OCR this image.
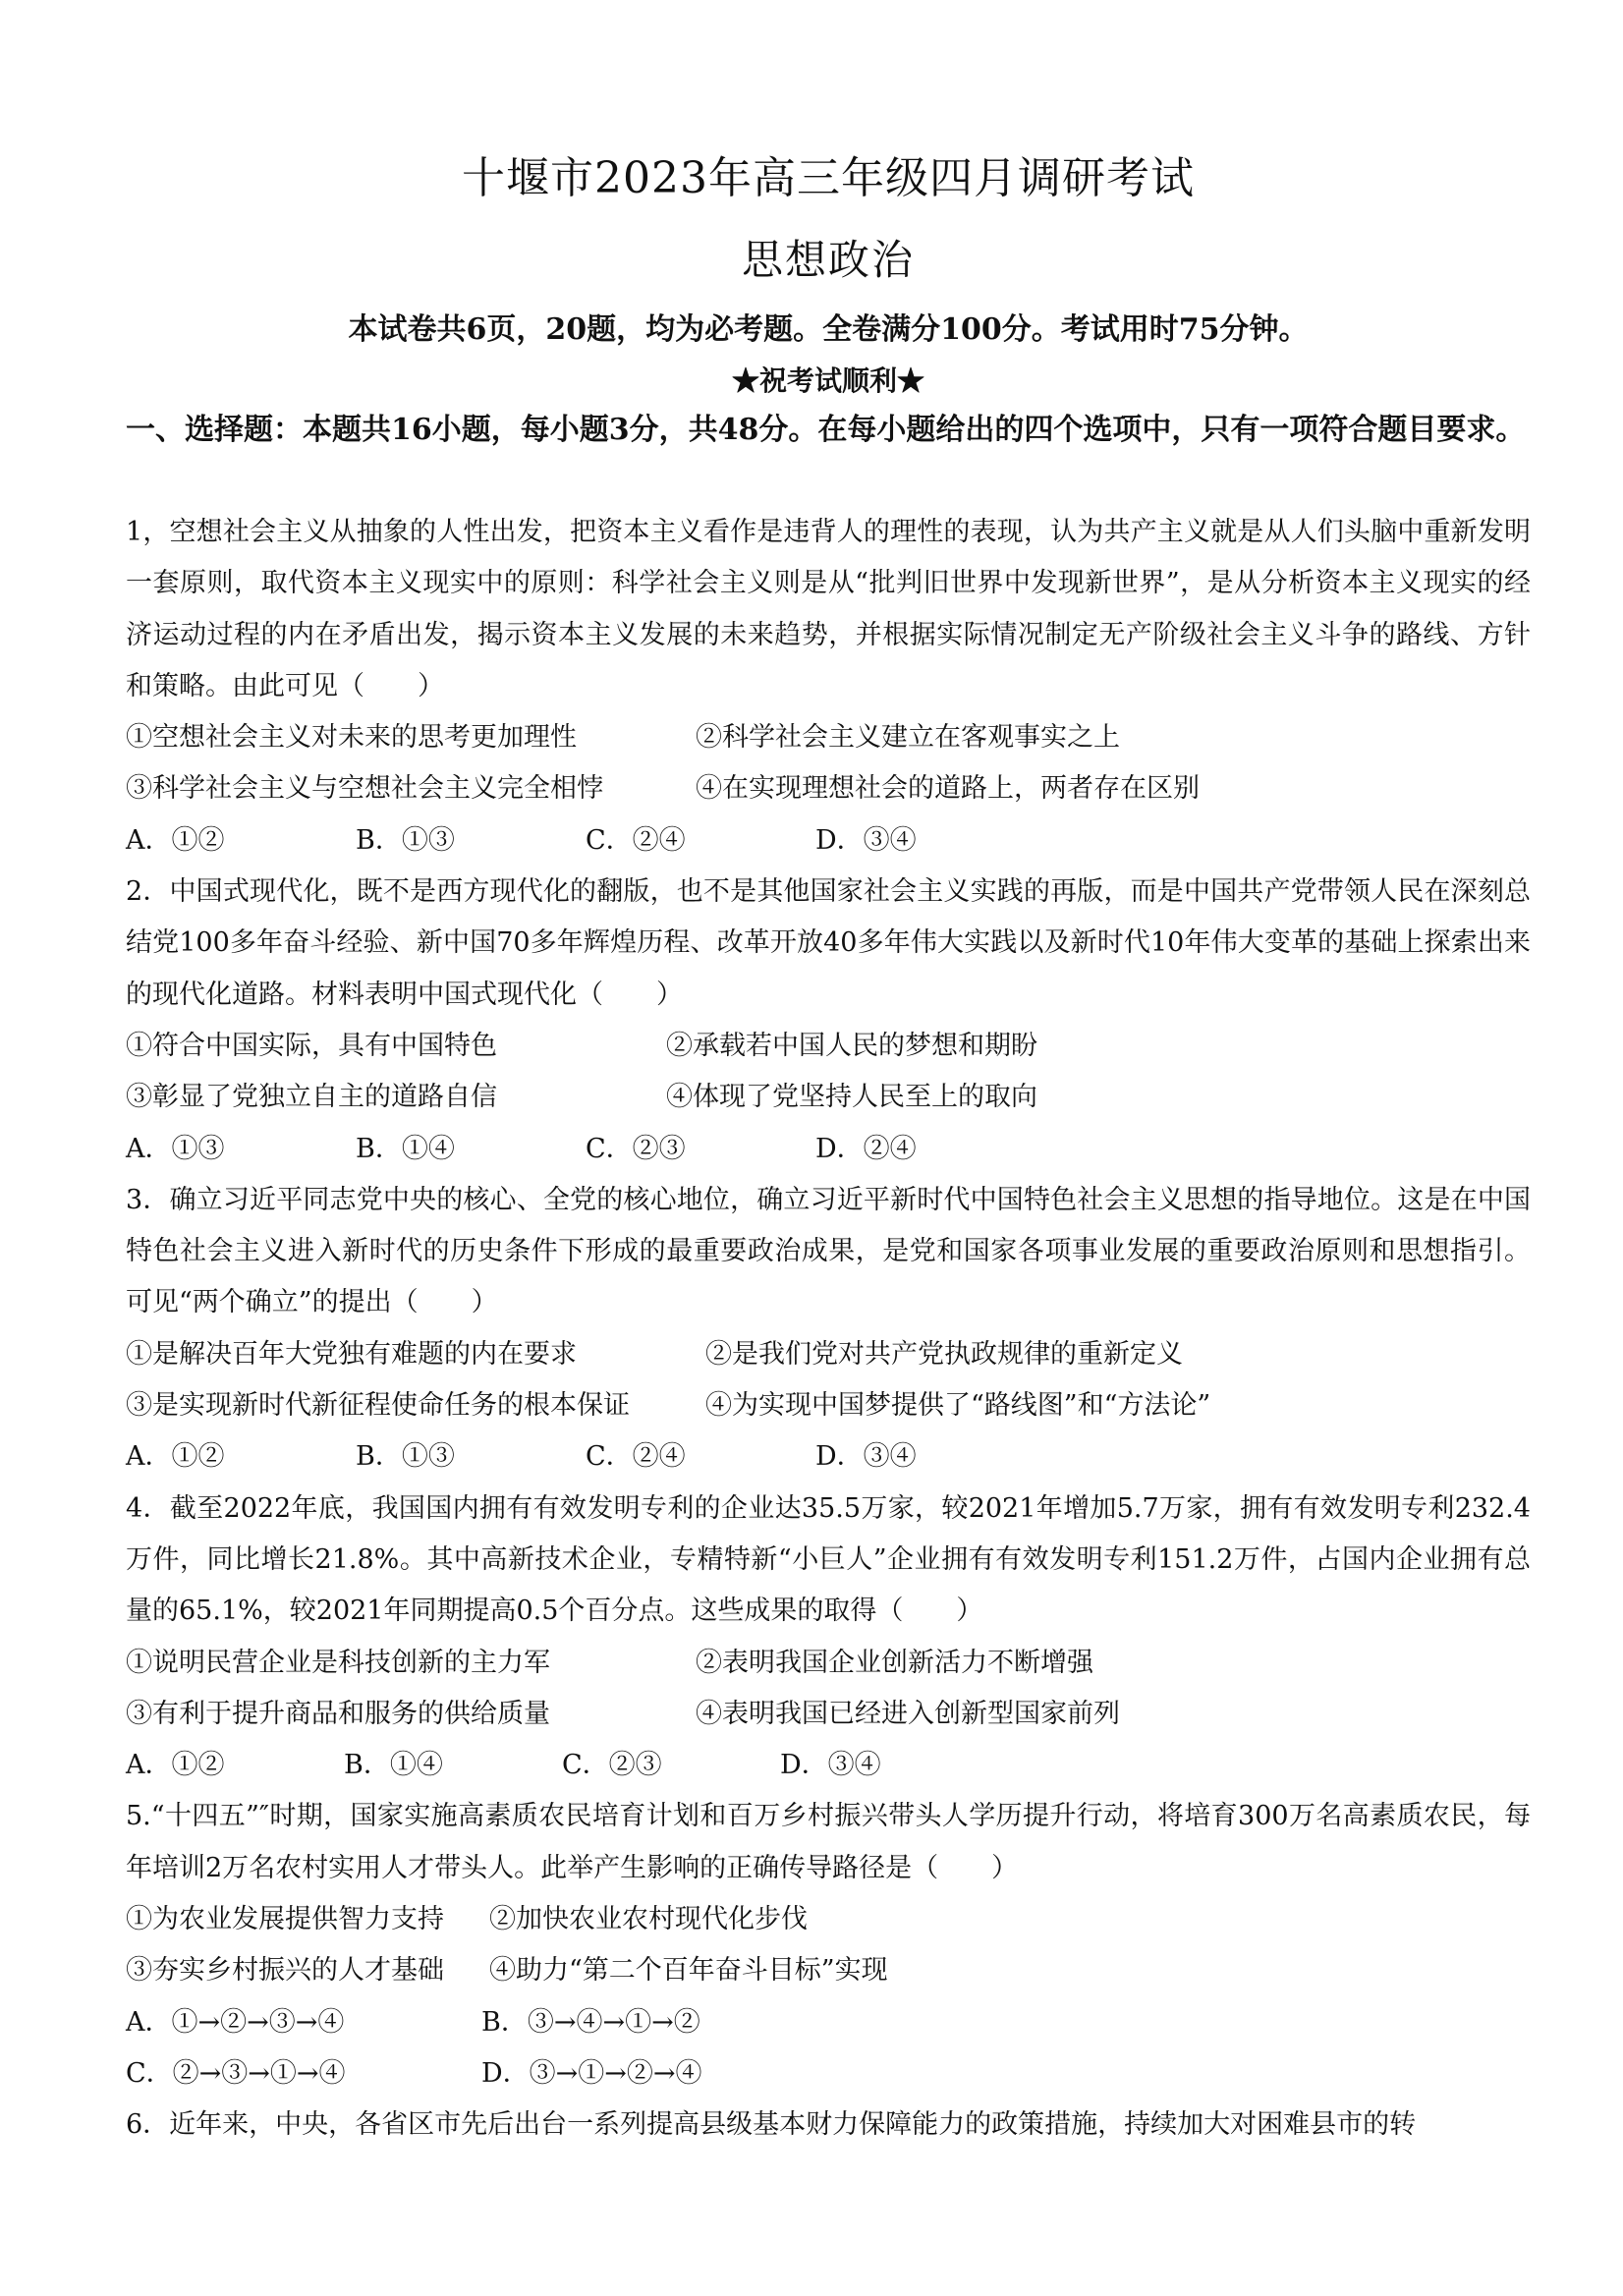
十堰市2023年高三年级四月调研考试
思想政治
本试卷共6页，20题，均为必考题。全卷满分100分。考试用时75分钟。
★祝考试顺利★
一、选择题：本题共16小题，每小题3分，共48分。在每小题给出的四个选项中，只有一项符合题目要求。
1，空想社会主义从抽象的人性出发，把资本主义看作是违背人的理性的表现，认为共产主义就是从人们头脑中重新发明一套原则，取代资本主义现实中的原则：科学社会主义则是从“批判旧世界中发现新世界”，是从分析资本主义现实的经济运动过程的内在矛盾出发，揭示资本主义发展的未来趋势，并根据实际情况制定无产阶级社会主义斗争的路线、方针和策略。由此可见（　　）
①空想社会主义对未来的思考更加理性	②科学社会主义建立在客观事实之上
③科学社会主义与空想社会主义完全相悖	④在实现理想社会的道路上，两者存在区别
A．①②	B．①③	C．②④	D．③④
2．中国式现代化，既不是西方现代化的翻版，也不是其他国家社会主义实践的再版，而是中国共产党带领人民在深刻总结党100多年奋斗经验、新中国70多年辉煌历程、改革开放40多年伟大实践以及新时代10年伟大变革的基础上探索出来的现代化道路。材料表明中国式现代化（　　）
①符合中国实际，具有中国特色	②承载若中国人民的梦想和期盼
③彰显了党独立自主的道路自信	④体现了党坚持人民至上的取向
A．①③	B．①④	C．②③	D．②④
3．确立习近平同志党中央的核心、全党的核心地位，确立习近平新时代中国特色社会主义思想的指导地位。这是在中国特色社会主义进入新时代的历史条件下形成的最重要政治成果，是党和国家各项事业发展的重要政治原则和思想指引。可见“两个确立”的提出（　　）
①是解决百年大党独有难题的内在要求	②是我们党对共产党执政规律的重新定义
③是实现新时代新征程使命任务的根本保证	④为实现中国梦提供了“路线图”和“方法论”
A．①②	B．①③	C．②④	D．③④
4．截至2022年底，我国国内拥有有效发明专利的企业达35.5万家，较2021年增加5.7万家，拥有有效发明专利232.4万件，同比增长21.8%。其中高新技术企业，专精特新“小巨人”企业拥有有效发明专利151.2万件，占国内企业拥有总量的65.1%，较2021年同期提高0.5个百分点。这些成果的取得（　　）
①说明民营企业是科技创新的主力军	②表明我国企业创新活力不断增强
③有利于提升商品和服务的供给质量	④表明我国已经进入创新型国家前列
A．①②	B．①④	C．②③	D．③④
5.“十四五”″时期，国家实施高素质农民培育计划和百万乡村振兴带头人学历提升行动，将培育300万名高素质农民，每年培训2万名农村实用人才带头人。此举产生影响的正确传导路径是（　　）
①为农业发展提供智力支持	②加快农业农村现代化步伐
③夯实乡村振兴的人才基础	④助力“第二个百年奋斗目标”实现
A．①→②→③→④	B．③→④→①→②
C．②→③→①→④	D．③→①→②→④
6．近年来，中央，各省区市先后出台一系列提高县级基本财力保障能力的政策措施，持续加大对困难县市的转
